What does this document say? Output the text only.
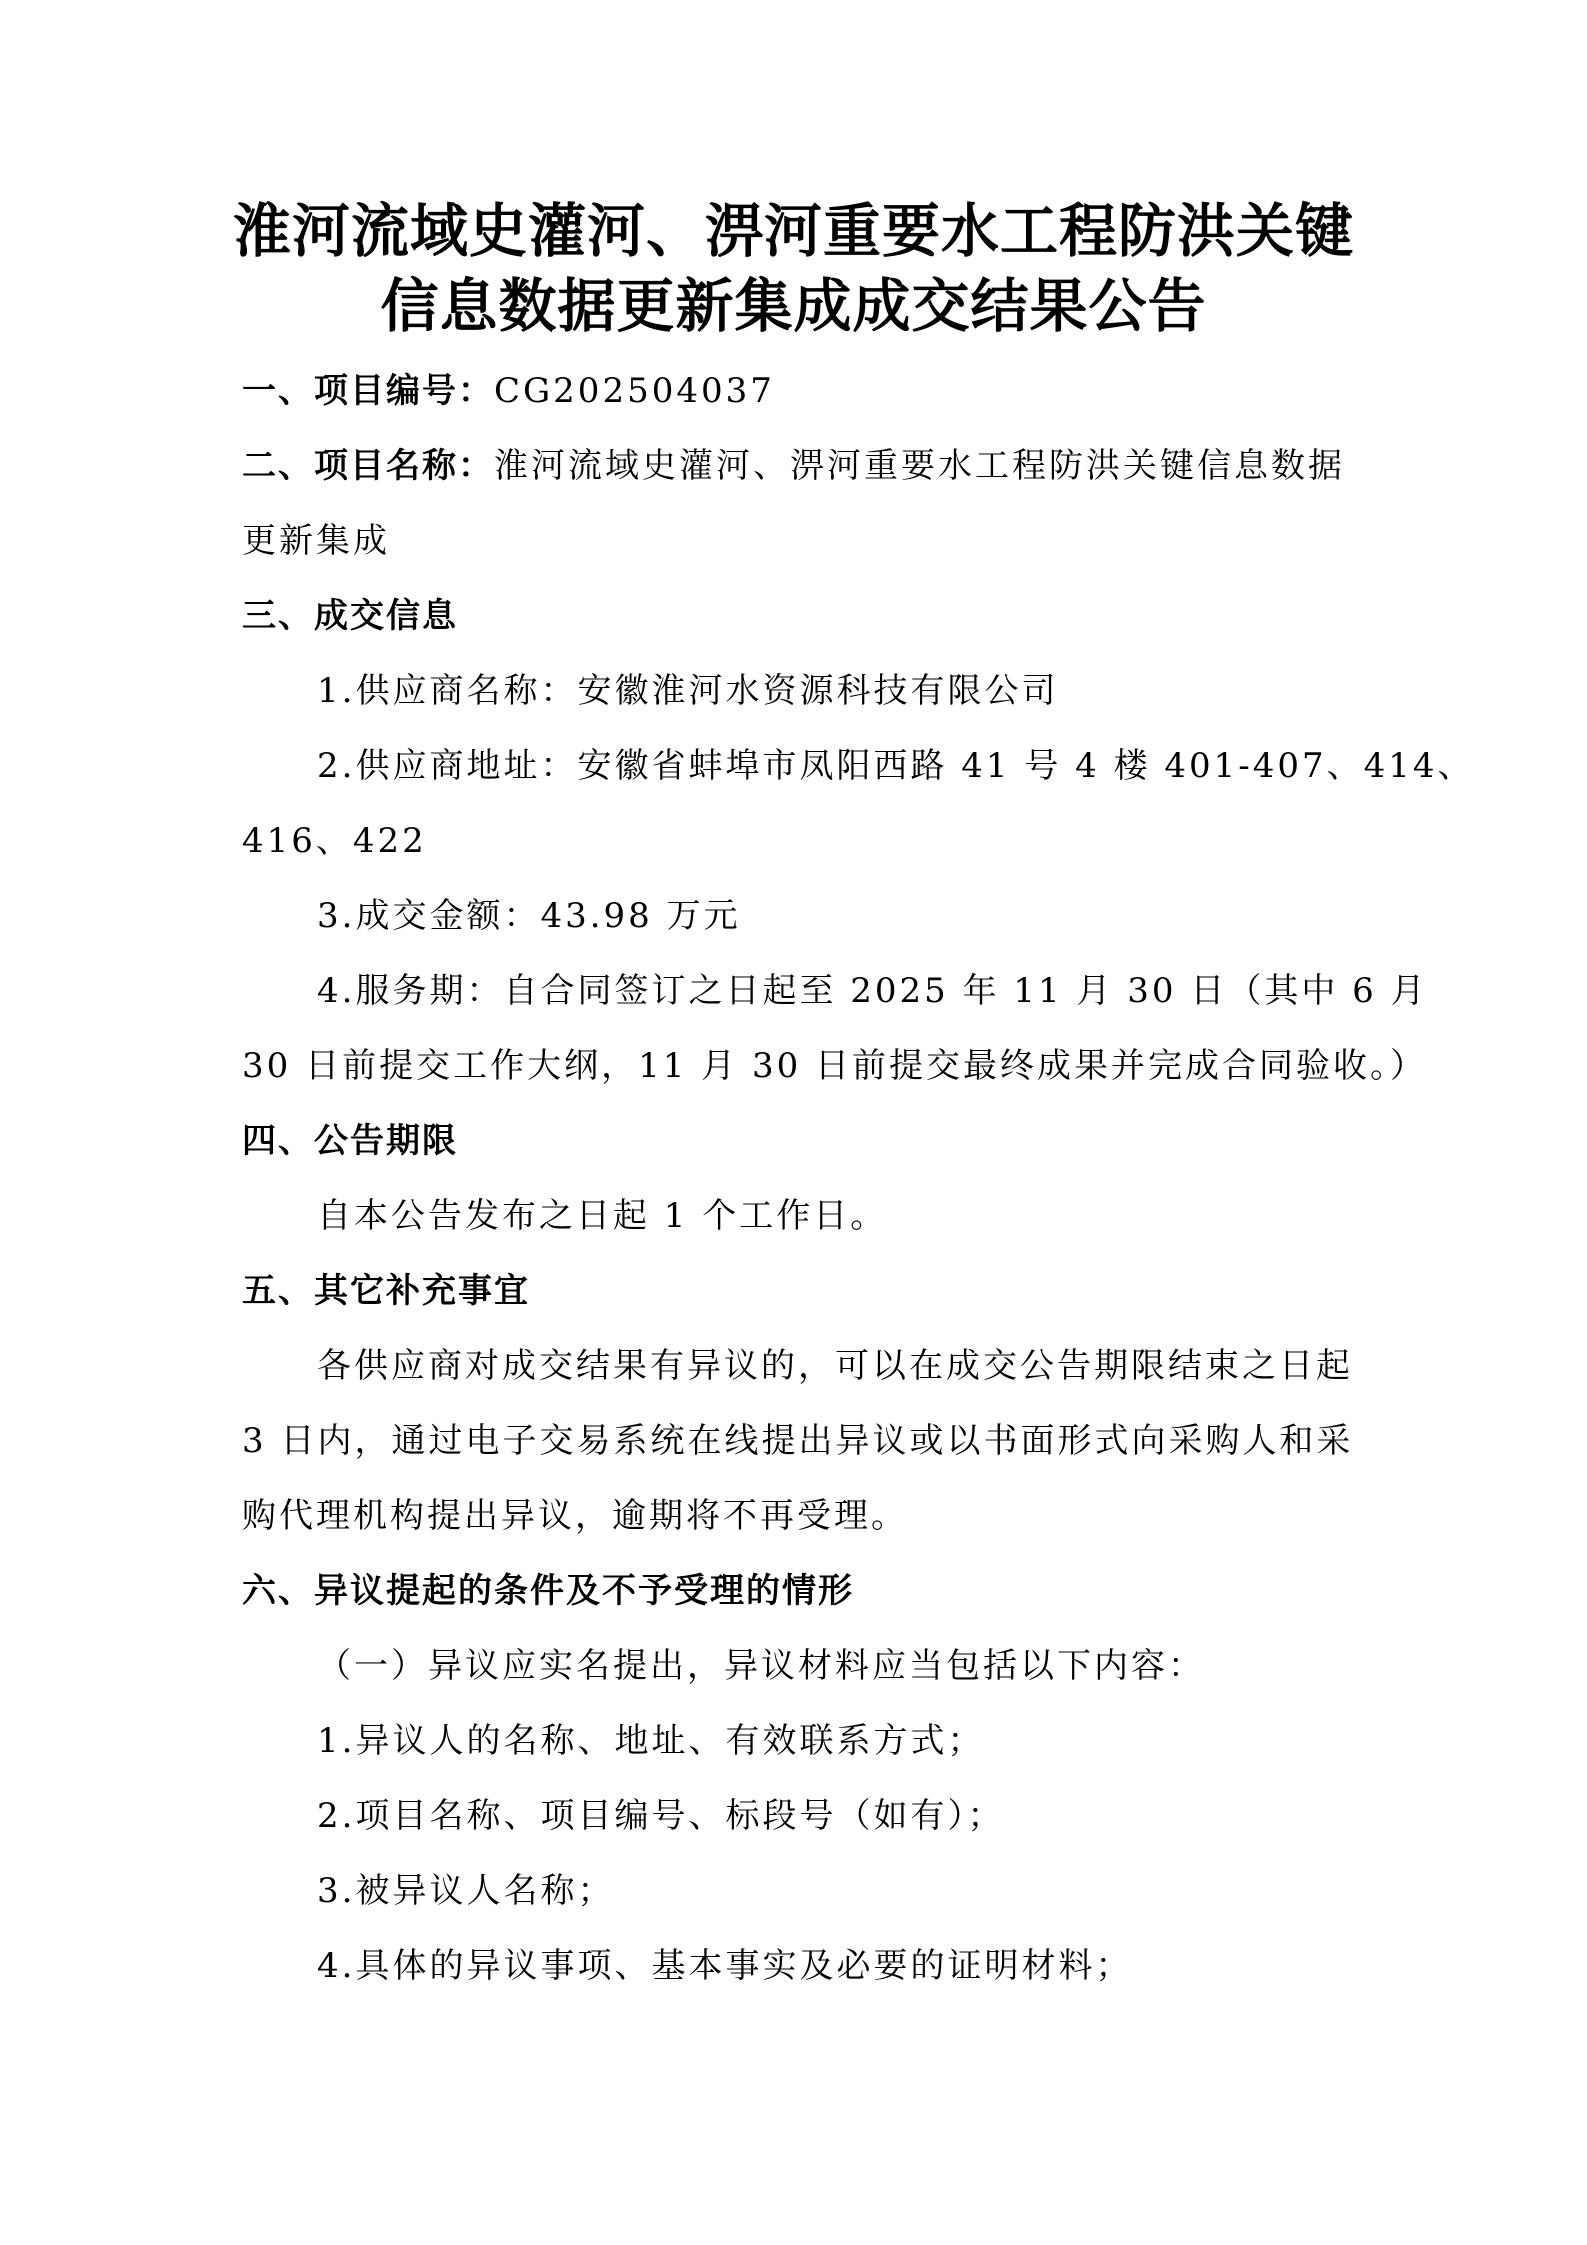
淮河流域史灌河、淠河重要水工程防洪关键
信息数据更新集成成交结果公告
一、项目编号：CG202504037
二、项目名称：淮河流域史灌河、淠河重要水工程防洪关键信息数据
更新集成
三、成交信息
1.供应商名称：安徽淮河水资源科技有限公司
2.供应商地址：安徽省蚌埠市凤阳西路 41 号 4 楼 401-407、414、
416、422
3.成交金额：43.98 万元
4.服务期：自合同签订之日起至 2025 年 11 月 30 日（其中 6 月
30 日前提交工作大纲，11 月 30 日前提交最终成果并完成合同验收。）
四、公告期限
自本公告发布之日起 1 个工作日。
五、其它补充事宜
各供应商对成交结果有异议的，可以在成交公告期限结束之日起
3 日内，通过电子交易系统在线提出异议或以书面形式向采购人和采
购代理机构提出异议，逾期将不再受理。
六、异议提起的条件及不予受理的情形
（一）异议应实名提出，异议材料应当包括以下内容：
1.异议人的名称、地址、有效联系方式；
2.项目名称、项目编号、标段号（如有）；
3.被异议人名称；
4.具体的异议事项、基本事实及必要的证明材料；
